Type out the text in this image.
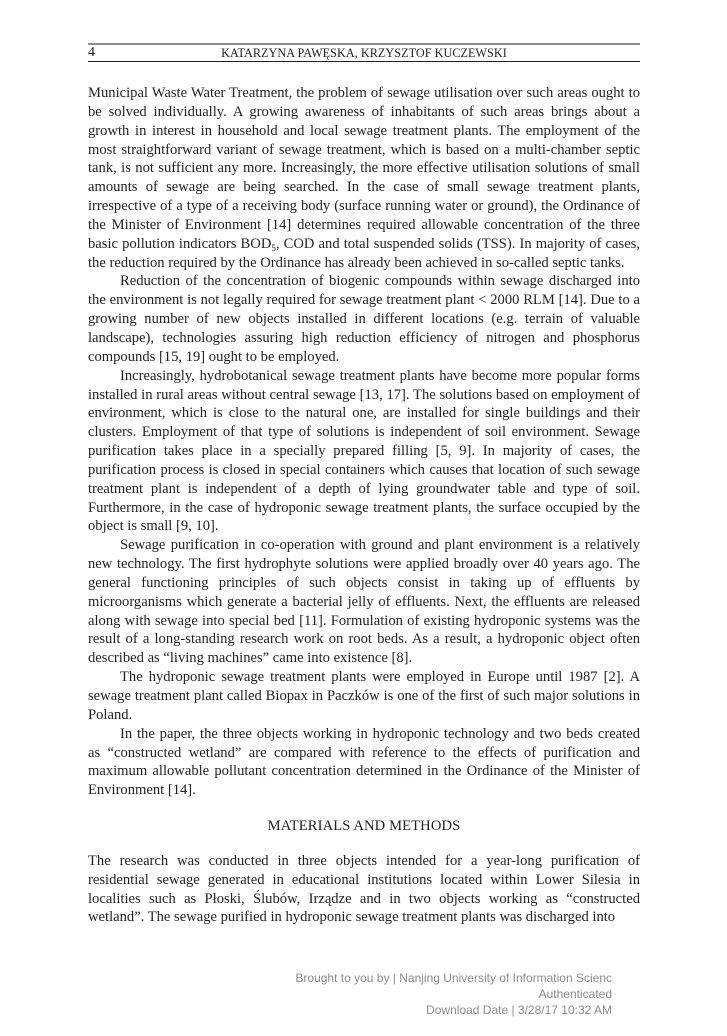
4	KATARZYNA PAWĘSKA, KRZYSZTOF KUCZEWSKI

Municipal Waste Water Treatment, the problem of sewage utilisation over such areas ought to be solved individually. A growing awareness of inhabitants of such areas brings about a growth in interest in household and local sewage treatment plants. The employment of the most straightforward variant of sewage treatment, which is based on a multi-chamber septic tank, is not sufficient any more. Increasingly, the more effective utilisation solutions of small amounts of sewage are being searched. In the case of small sewage treatment plants, irrespective of a type of a receiving body (surface running water or ground), the Ordinance of the Minister of Environment [14] determines required allowable concentration of the three basic pollution indicators $BOD_5$, COD and total suspended solids (TSS). In majority of cases, the reduction required by the Ordinance has already been achieved in so-called septic tanks.

Reduction of the concentration of biogenic compounds within sewage discharged into the environment is not legally required for sewage treatment plant < 2000 RLM [14]. Due to a growing number of new objects installed in different locations (e.g. terrain of valuable landscape), technologies assuring high reduction efficiency of nitrogen and phosphorus compounds [15, 19] ought to be employed.

Increasingly, hydrobotanical sewage treatment plants have become more popular forms installed in rural areas without central sewage [13, 17]. The solutions based on employment of environment, which is close to the natural one, are installed for single buildings and their clusters. Employment of that type of solutions is independent of soil environment. Sewage purification takes place in a specially prepared filling [5, 9]. In majority of cases, the purification process is closed in special containers which causes that location of such sewage treatment plant is independent of a depth of lying groundwater table and type of soil. Furthermore, in the case of hydroponic sewage treatment plants, the surface occupied by the object is small [9, 10].

Sewage purification in co-operation with ground and plant environment is a relatively new technology. The first hydrophyte solutions were applied broadly over 40 years ago. The general functioning principles of such objects consist in taking up of effluents by microorganisms which generate a bacterial jelly of effluents. Next, the effluents are released along with sewage into special bed [11]. Formulation of existing hydroponic systems was the result of a long-standing research work on root beds. As a result, a hydroponic object often described as “living machines” came into existence [8].

The hydroponic sewage treatment plants were employed in Europe until 1987 [2]. A sewage treatment plant called Biopax in Paczków is one of the first of such major solutions in Poland.

In the paper, the three objects working in hydroponic technology and two beds created as “constructed wetland” are compared with reference to the effects of purification and maximum allowable pollutant concentration determined in the Ordinance of the Minister of Environment [14].

MATERIALS AND METHODS

The research was conducted in three objects intended for a year-long purification of residential sewage generated in educational institutions located within Lower Silesia in localities such as Płoski, Ślubów, Irządze and in two objects working as “constructed wetland”. The sewage purified in hydroponic sewage treatment plants was discharged into

Brought to you by | Nanjing University of Information Scienc
Authenticated
Download Date | 3/28/17 10:32 AM
